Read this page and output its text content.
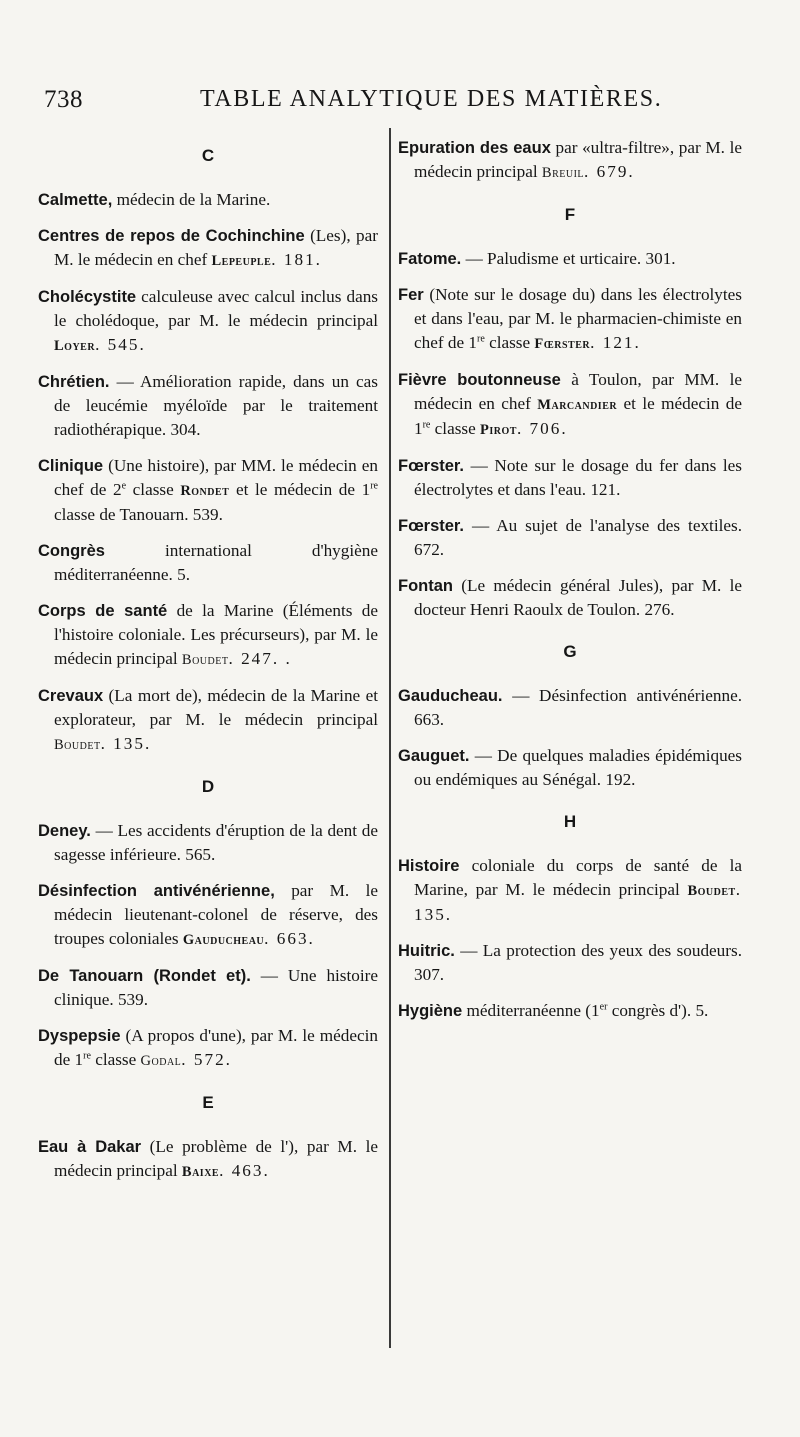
738	TABLE ANALYTIQUE DES MATIÈRES.
C
Calmette, médecin de la Marine.
Centres de repos de Cochinchine (Les), par M. le médecin en chef Lepeuple. 181.
Cholécystite calculeuse avec calcul inclus dans le cholédoque, par M. le médecin principal Loyer. 545.
Chrétien. — Amélioration rapide, dans un cas de leucémie myéloïde par le traitement radiothérapique. 304.
Clinique (Une histoire), par MM. le médecin en chef de 2e classe Rondet et le médecin de 1re classe de Tanouarn. 539.
Congrès international d'hygiène méditerranéenne. 5.
Corps de santé de la Marine (Éléments de l'histoire coloniale. Les précurseurs), par M. le médecin principal Boudet. 247. .
Crevaux (La mort de), médecin de la Marine et explorateur, par M. le médecin principal Boudet. 135.
D
Deney. — Les accidents d'éruption de la dent de sagesse inférieure. 565.
Désinfection antivénérienne, par M. le médecin lieutenant-colonel de réserve, des troupes coloniales Gauducheau. 663.
De Tanouarn (Rondet et). — Une histoire clinique. 539.
Dyspepsie (A propos d'une), par M. le médecin de 1re classe Godal. 572.
E
Eau à Dakar (Le problème de l'), par M. le médecin principal Baixe. 463.
Epuration des eaux par «ultra-filtre», par M. le médecin principal Breuil. 679.
F
Fatome. — Paludisme et urticaire. 301.
Fer (Note sur le dosage du) dans les électrolytes et dans l'eau, par M. le pharmacien-chimiste en chef de 1re classe Fœrster. 121.
Fièvre boutonneuse à Toulon, par MM. le médecin en chef Marcandier et le médecin de 1re classe Pirot. 706.
Fœrster. — Note sur le dosage du fer dans les électrolytes et dans l'eau. 121.
Fœrster. — Au sujet de l'analyse des textiles. 672.
Fontan (Le médecin général Jules), par M. le docteur Henri Raoulx de Toulon. 276.
G
Gauducheau. — Désinfection antivénérienne. 663.
Gauguet. — De quelques maladies épidémiques ou endémiques au Sénégal. 192.
H
Histoire coloniale du corps de santé de la Marine, par M. le médecin principal Boudet. 135.
Huitric. — La protection des yeux des soudeurs. 307.
Hygiène méditerranéenne (1er congrès d'). 5.
